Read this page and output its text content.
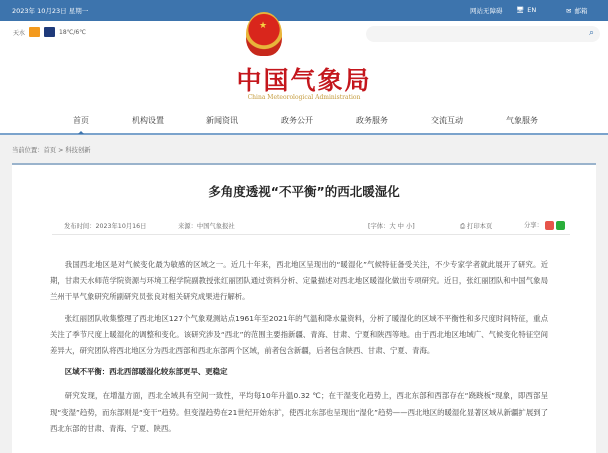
2023年 10月23日 星期一	网站无障碍 🖥 EN	✉ 邮箱
天水	18℃/6℃	⌕
★
中国气象局
China Meteorological Administration
首页	机构设置	新闻资讯	政务公开	政务服务	交流互动	气象服务
当前位置：首页 > 科技创新
多角度透视“不平衡”的西北暖湿化
发布时间：2023年10月16日	来源：中国气象报社	[字体：大 中 小]	⎙ 打印本页	分享：

我国西北地区是对气候变化最为敏感的区域之一。近几十年来，西北地区呈现出的“暖湿化”气候特征备受关注，不少专家学者就此展开了研究。近期，甘肃天水师范学院资源与环境工程学院副教授张红丽团队通过资料分析、定量描述对西北地区暖湿化做出专项研究。近日，张红丽团队和中国气象局兰州干旱气象研究所副研究员张良对相关研究成果进行解析。

张红丽团队收集整理了西北地区127个气象观测站点1961年至2021年的气温和降水量资料，分析了暖湿化的区域不平衡性和多尺度时间特征，重点关注了季节尺度上暖湿化的调整和变化。该研究涉及“西北”的范围主要指新疆、青海、甘肃、宁夏和陕西等地。由于西北地区地域广、气候变化特征空间差异大，研究团队将西北地区分为西北西部和西北东部两个区域，前者包含新疆，后者包含陕西、甘肃、宁夏、青海。

区域不平衡：西北西部暖湿化较东部更早、更稳定

研究发现，在增温方面，西北全域具有空间一致性，平均每10年升温0.32 ℃；在干湿变化趋势上，西北东部和西部存在“跷跷板”现象，即西部呈现“变湿”趋势，而东部则是“变干”趋势。但变湿趋势在21世纪开始东扩，使西北东部也呈现出“湿化”趋势——西北地区的暖湿化显著区域从新疆扩展到了西北东部的甘肃、青海、宁夏、陕西。
